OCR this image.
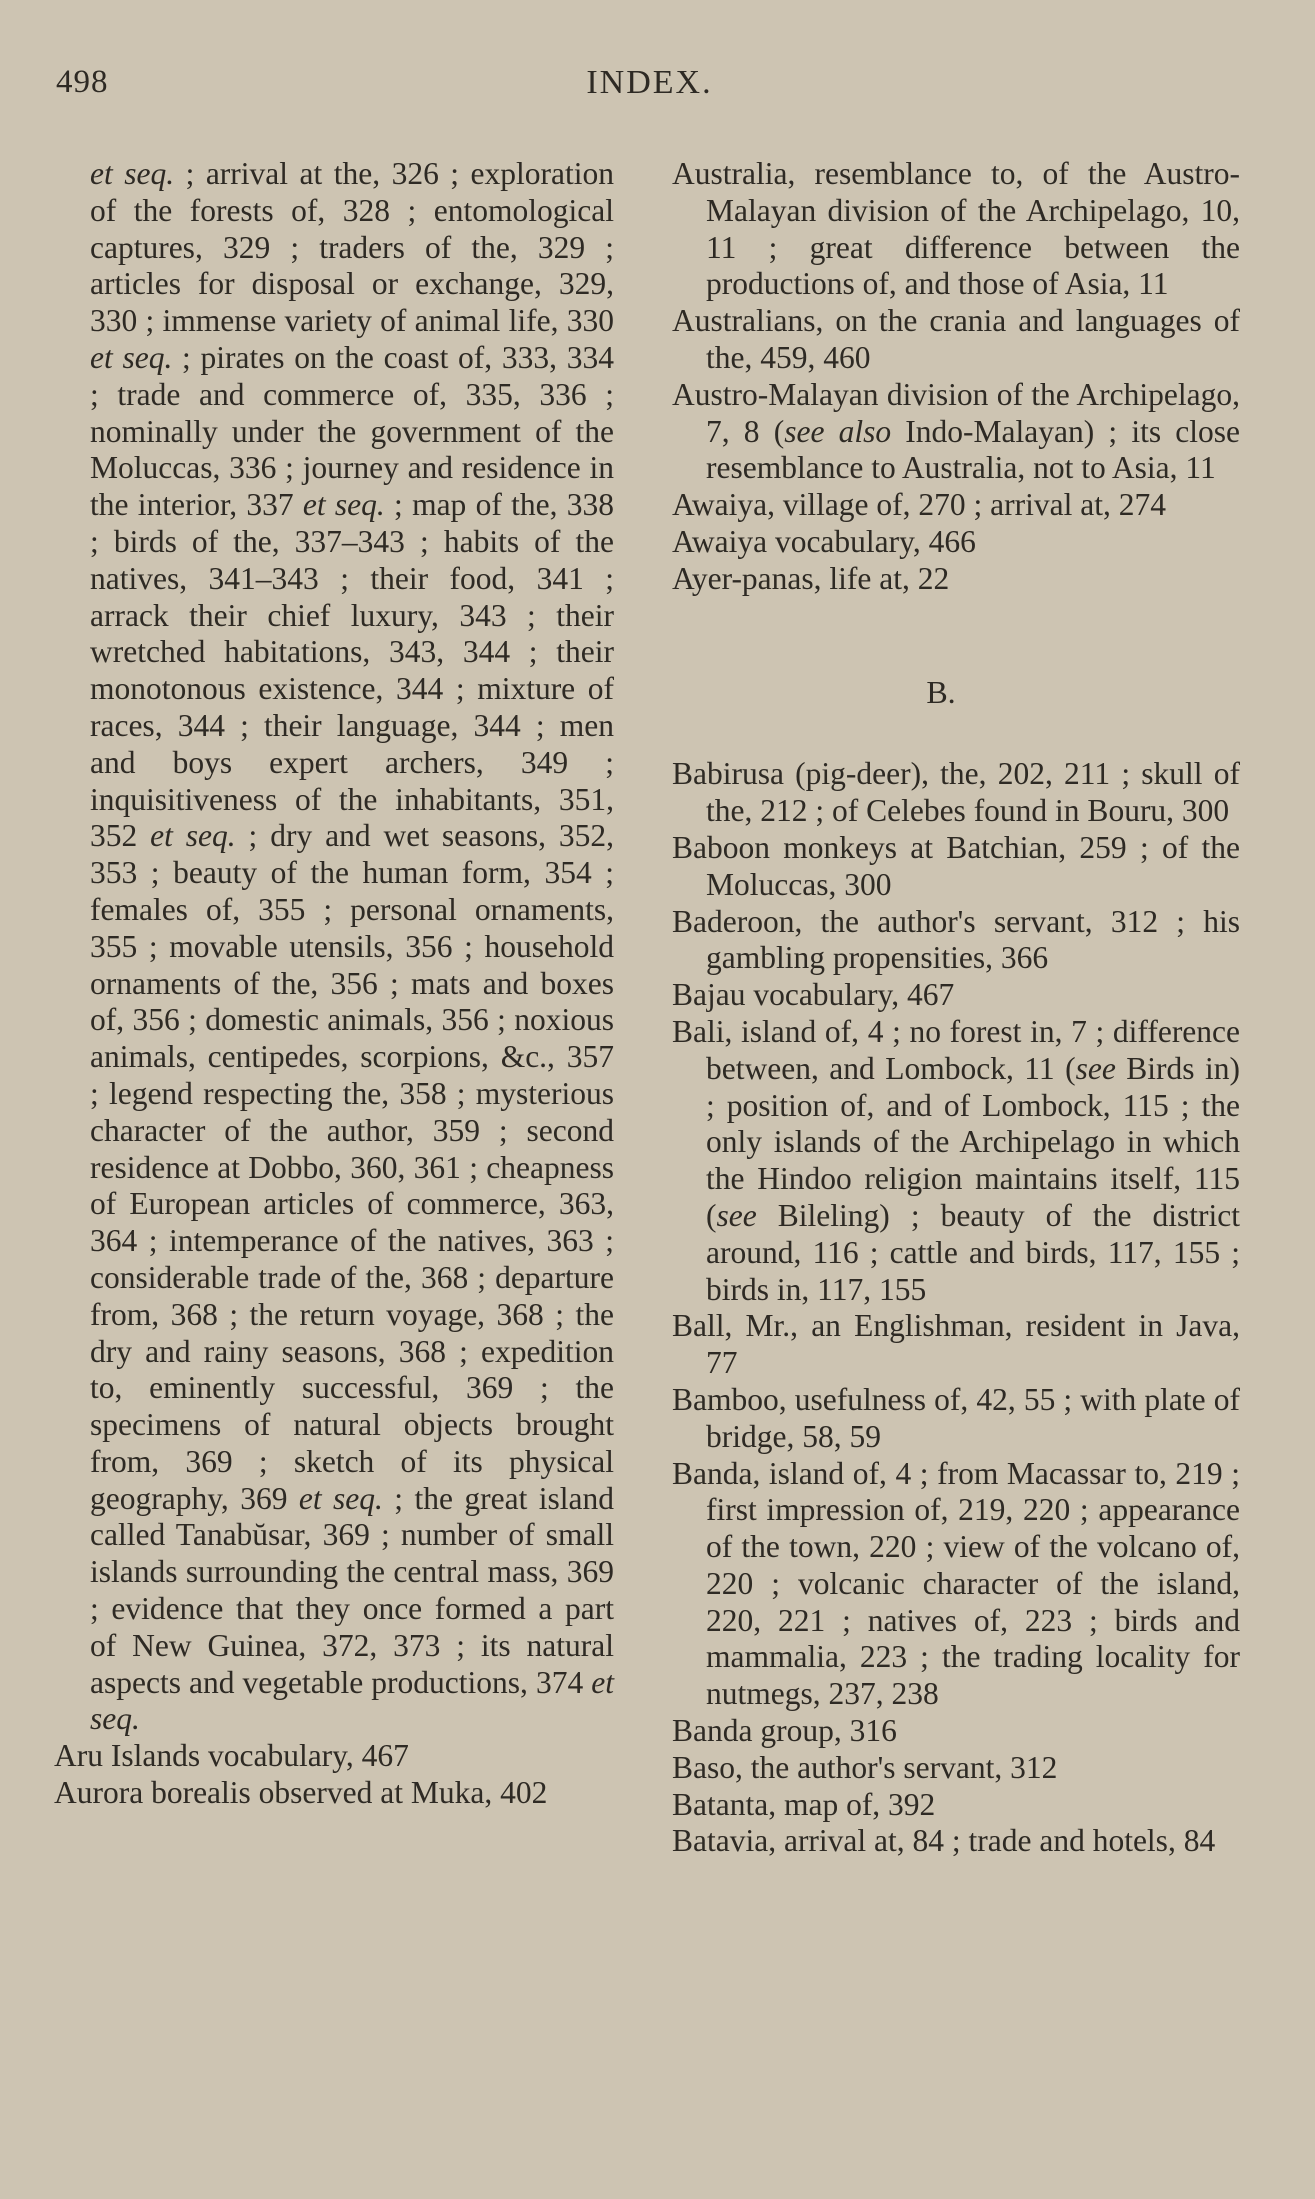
498	INDEX.

et seq. ; arrival at the, 326 ; exploration of the forests of, 328 ; entomological captures, 329 ; traders of the, 329 ; articles for disposal or exchange, 329, 330 ; immense variety of animal life, 330 et seq. ; pirates on the coast of, 333, 334 ; trade and commerce of, 335, 336 ; nominally under the government of the Moluccas, 336 ; journey and residence in the interior, 337 et seq. ; map of the, 338 ; birds of the, 337–343 ; habits of the natives, 341–343 ; their food, 341 ; arrack their chief luxury, 343 ; their wretched habitations, 343, 344 ; their monotonous existence, 344 ; mixture of races, 344 ; their language, 344 ; men and boys expert archers, 349 ; inquisitiveness of the inhabitants, 351, 352 et seq. ; dry and wet seasons, 352, 353 ; beauty of the human form, 354 ; females of, 355 ; personal ornaments, 355 ; movable utensils, 356 ; household ornaments of the, 356 ; mats and boxes of, 356 ; domestic animals, 356 ; noxious animals, centipedes, scorpions, &c., 357 ; legend respecting the, 358 ; mysterious character of the author, 359 ; second residence at Dobbo, 360, 361 ; cheapness of European articles of commerce, 363, 364 ; intemperance of the natives, 363 ; considerable trade of the, 368 ; departure from, 368 ; the return voyage, 368 ; the dry and rainy seasons, 368 ; expedition to, eminently successful, 369 ; the specimens of natural objects brought from, 369 ; sketch of its physical geography, 369 et seq. ; the great island called Tanabŭsar, 369 ; number of small islands surrounding the central mass, 369 ; evidence that they once formed a part of New Guinea, 372, 373 ; its natural aspects and vegetable productions, 374 et seq.

Aru Islands vocabulary, 467

Aurora borealis observed at Muka, 402

Australia, resemblance to, of the Austro-Malayan division of the Archipelago, 10, 11 ; great difference between the productions of, and those of Asia, 11

Australians, on the crania and languages of the, 459, 460

Austro-Malayan division of the Archipelago, 7, 8 (see also Indo-Malayan) ; its close resemblance to Australia, not to Asia, 11

Awaiya, village of, 270 ; arrival at, 274

Awaiya vocabulary, 466

Ayer-panas, life at, 22

B.

Babirusa (pig-deer), the, 202, 211 ; skull of the, 212 ; of Celebes found in Bouru, 300

Baboon monkeys at Batchian, 259 ; of the Moluccas, 300

Baderoon, the author's servant, 312 ; his gambling propensities, 366

Bajau vocabulary, 467

Bali, island of, 4 ; no forest in, 7 ; difference between, and Lombock, 11 (see Birds in) ; position of, and of Lombock, 115 ; the only islands of the Archipelago in which the Hindoo religion maintains itself, 115 (see Bileling) ; beauty of the district around, 116 ; cattle and birds, 117, 155 ; birds in, 117, 155

Ball, Mr., an Englishman, resident in Java, 77

Bamboo, usefulness of, 42, 55 ; with plate of bridge, 58, 59

Banda, island of, 4 ; from Macassar to, 219 ; first impression of, 219, 220 ; appearance of the town, 220 ; view of the volcano of, 220 ; volcanic character of the island, 220, 221 ; natives of, 223 ; birds and mammalia, 223 ; the trading locality for nutmegs, 237, 238

Banda group, 316

Baso, the author's servant, 312

Batanta, map of, 392

Batavia, arrival at, 84 ; trade and hotels, 84
